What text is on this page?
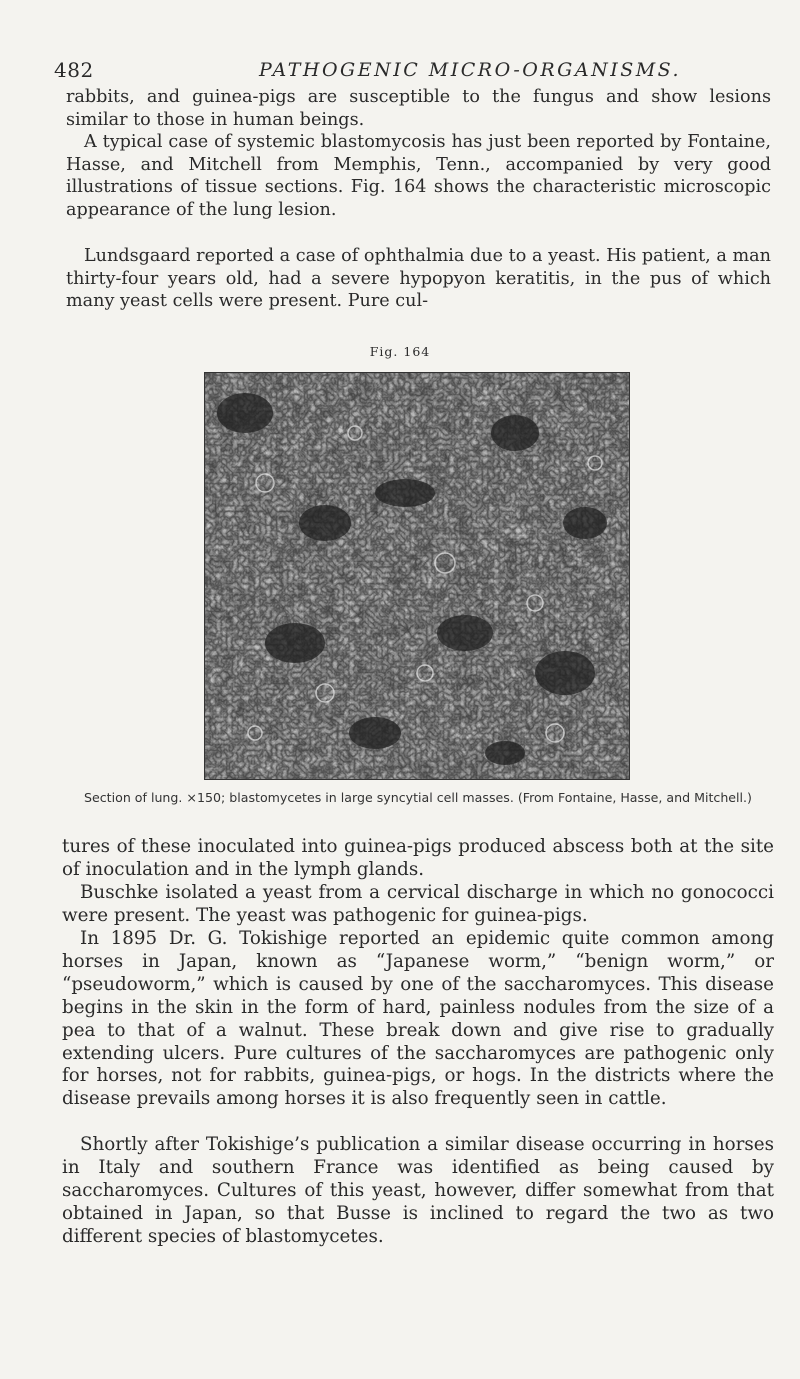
482	PATHOGENIC MICRO-ORGANISMS.

rabbits, and guinea-pigs are susceptible to the fungus and show lesions similar to those in human beings.

A typical case of systemic blastomycosis has just been reported by Fontaine, Hasse, and Mitchell from Memphis, Tenn., accompanied by very good illustrations of tissue sections. Fig. 164 shows the characteristic microscopic appearance of the lung lesion.

Lundsgaard reported a case of ophthalmia due to a yeast. His patient, a man thirty-four years old, had a severe hypopyon keratitis, in the pus of which many yeast cells were present. Pure cul-

Fig. 164
Section of lung. ×150; blastomycetes in large syncytial cell masses. (From Fontaine, Hasse, and Mitchell.)

tures of these inoculated into guinea-pigs produced abscess both at the site of inoculation and in the lymph glands.

Buschke isolated a yeast from a cervical discharge in which no gonococci were present. The yeast was pathogenic for guinea-pigs.

In 1895 Dr. G. Tokishige reported an epidemic quite common among horses in Japan, known as “Japanese worm,” “benign worm,” or “pseudoworm,” which is caused by one of the saccharomyces. This disease begins in the skin in the form of hard, painless nodules from the size of a pea to that of a walnut. These break down and give rise to gradually extending ulcers. Pure cultures of the saccharomyces are pathogenic only for horses, not for rabbits, guinea-pigs, or hogs. In the districts where the disease prevails among horses it is also frequently seen in cattle.

Shortly after Tokishige’s publication a similar disease occurring in horses in Italy and southern France was identified as being caused by saccharomyces. Cultures of this yeast, however, differ somewhat from that obtained in Japan, so that Busse is inclined to regard the two as two different species of blastomycetes.
